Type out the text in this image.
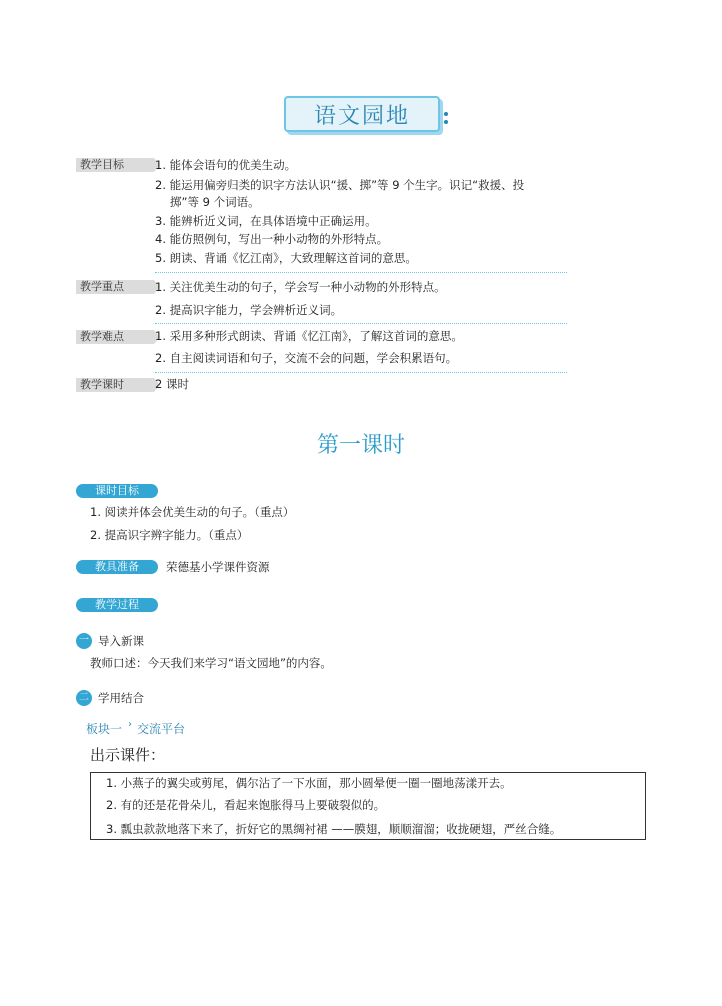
语文园地
教学目标	1. 能体会语句的优美生动。
2. 能运用偏旁归类的识字方法认识“援、掷”等 9 个生字。识记“救援、投
掷”等 9 个词语。
3. 能辨析近义词，在具体语境中正确运用。
4. 能仿照例句，写出一种小动物的外形特点。
5. 朗读、背诵《忆江南》，大致理解这首词的意思。
教学重点	1. 关注优美生动的句子，学会写一种小动物的外形特点。
2. 提高识字能力，学会辨析近义词。
教学难点	1. 采用多种形式朗读、背诵《忆江南》，了解这首词的意思。
2. 自主阅读词语和句子，交流不会的问题，学会积累语句。
教学课时	2 课时
第一课时
课时目标
1. 阅读并体会优美生动的句子。（重点）
2. 提高识字辨字能力。（重点）
教具准备	荣德基小学课件资源
教学过程
一 导入新课
教师口述：今天我们来学习“语文园地”的内容。
二 学用结合
板块一 › 交流平台
出示课件：
1. 小燕子的翼尖或剪尾，偶尔沾了一下水面，那小圆晕便一圈一圈地荡漾开去。
2. 有的还是花骨朵儿，看起来饱胀得马上要破裂似的。
3. 瓢虫款款地落下来了，折好它的黑绸衬裙 ——膜翅，顺顺溜溜；收拢硬翅，严丝合缝。
